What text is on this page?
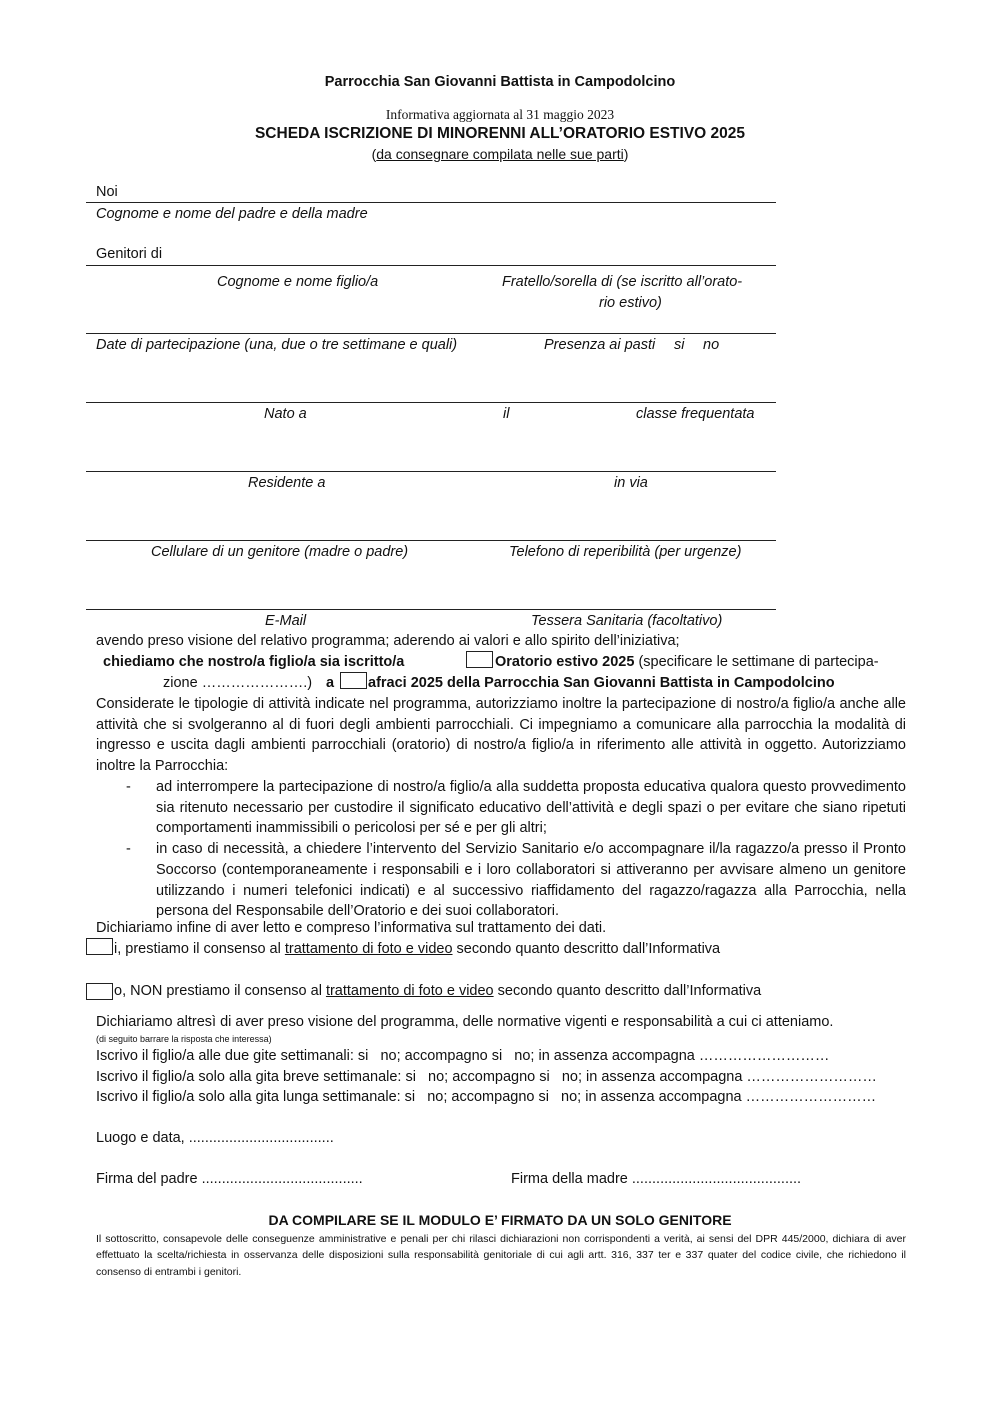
Parrocchia San Giovanni Battista in Campodolcino
Informativa aggiornata al 31 maggio 2023
SCHEDA ISCRIZIONE DI MINORENNI ALL’ORATORIO ESTIVO 2025
(da consegnare compilata nelle sue parti)
Noi
Cognome e nome del padre e della madre
Genitori di
Cognome e nome figlio/a	Fratello/sorella di (se iscritto all’orato-
rio estivo)
Date di partecipazione (una, due o tre settimane e quali)	Presenza ai pasti si no
Nato a	il	classe frequentata
Residente a	in via
Cellulare di un genitore (madre o padre)	Telefono di reperibilità (per urgenze)
E-Mail	Tessera Sanitaria (facoltativo)
avendo preso visione del relativo programma; aderendo ai valori e allo spirito dell’iniziativa;
chiediamo che nostro/a figlio/a sia iscritto/a	Oratorio estivo 2025 (specificare le settimane di partecipa-
zione ………………….) a afraci 2025 della Parrocchia San Giovanni Battista in Campodolcino
Considerate le tipologie di attività indicate nel programma, autorizziamo inoltre la partecipazione di nostro/a figlio/a anche alle attività che si svolgeranno al di fuori degli ambienti parrocchiali. Ci impegniamo a comunicare alla parrocchia la modalità di ingresso e uscita dagli ambienti parrocchiali (oratorio) di nostro/a figlio/a in riferimento alle attività in oggetto. Autorizziamo inoltre la Parrocchia:

- ad interrompere la partecipazione di nostro/a figlio/a alla suddetta proposta educativa qualora questo provvedimento sia ritenuto necessario per custodire il significato educativo dell’attività e degli spazi o per evitare che siano ripetuti comportamenti inammissibili o pericolosi per sé e per gli altri;

- in caso di necessità, a chiedere l’intervento del Servizio Sanitario e/o accompagnare il/la ragazzo/a presso il Pronto Soccorso (contemporaneamente i responsabili e i loro collaboratori si attiveranno per avvisare almeno un genitore utilizzando i numeri telefonici indicati) e al successivo riaffidamento del ragazzo/ragazza alla Parrocchia, nella persona del Responsabile dell’Oratorio e dei suoi collaboratori.

Dichiariamo infine di aver letto e compreso l’informativa sul trattamento dei dati.
i, prestiamo il consenso al trattamento di foto e video secondo quanto descritto dall’Informativa
o, NON prestiamo il consenso al trattamento di foto e video secondo quanto descritto dall’Informativa
Dichiariamo altresì di aver preso visione del programma, delle normative vigenti e responsabilità a cui ci atteniamo.
(di seguito barrare la risposta che interessa)
Iscrivo il figlio/a alle due gite settimanali: si   no; accompagno si   no; in assenza accompagna ………………………
Iscrivo il figlio/a solo alla gita breve settimanale: si   no; accompagno si   no; in assenza accompagna ………………………
Iscrivo il figlio/a solo alla gita lunga settimanale: si   no; accompagno si   no; in assenza accompagna ………………………
Luogo e data, ....................................
Firma del padre ........................................	Firma della madre ..........................................
DA COMPILARE SE IL MODULO E’ FIRMATO DA UN SOLO GENITORE
Il sottoscritto, consapevole delle conseguenze amministrative e penali per chi rilasci dichiarazioni non corrispondenti a verità, ai sensi del DPR 445/2000, dichiara di aver effettuato la scelta/richiesta in osservanza delle disposizioni sulla responsabilità genitoriale di cui agli artt. 316, 337 ter e 337 quater del codice civile, che richiedono il consenso di entrambi i genitori.
